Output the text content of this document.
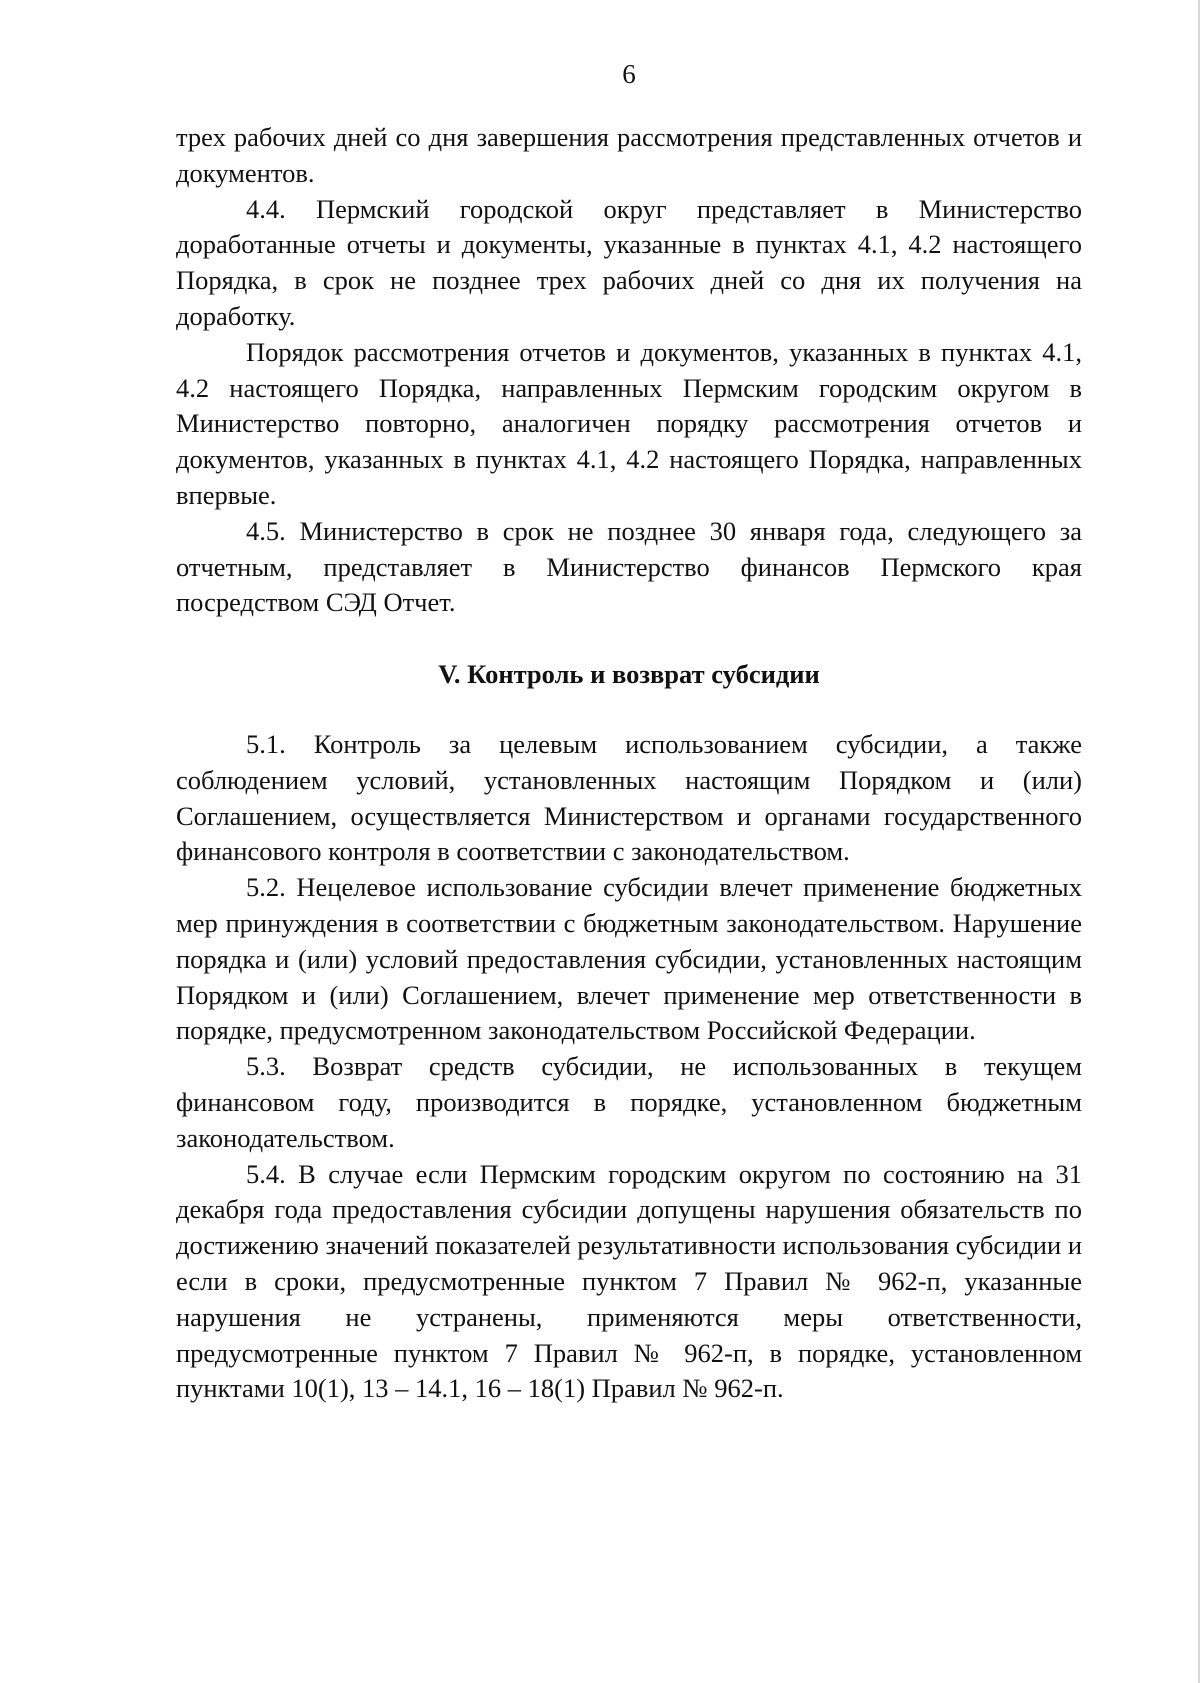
6

трех рабочих дней со дня завершения рассмотрения представленных отчетов и документов.

4.4. Пермский городской округ представляет в Министерство доработанные отчеты и документы, указанные в пунктах 4.1, 4.2 настоящего Порядка, в срок не позднее трех рабочих дней со дня их получения на доработку.

Порядок рассмотрения отчетов и документов, указанных в пунктах 4.1, 4.2 настоящего Порядка, направленных Пермским городским округом в Министерство повторно, аналогичен порядку рассмотрения отчетов и документов, указанных в пунктах 4.1, 4.2 настоящего Порядка, направленных впервые.

4.5. Министерство в срок не позднее 30 января года, следующего за отчетным, представляет в Министерство финансов Пермского края посредством СЭД Отчет.

V. Контроль и возврат субсидии

5.1. Контроль за целевым использованием субсидии, а также соблюдением условий, установленных настоящим Порядком и (или) Соглашением, осуществляется Министерством и органами государственного финансового контроля в соответствии с законодательством.

5.2. Нецелевое использование субсидии влечет применение бюджетных мер принуждения в соответствии с бюджетным законодательством. Нарушение порядка и (или) условий предоставления субсидии, установленных настоящим Порядком и (или) Соглашением, влечет применение мер ответственности в порядке, предусмотренном законодательством Российской Федерации.

5.3. Возврат средств субсидии, не использованных в текущем финансовом году, производится в порядке, установленном бюджетным законодательством.

5.4. В случае если Пермским городским округом по состоянию на 31 декабря года предоставления субсидии допущены нарушения обязательств по достижению значений показателей результативности использования субсидии и если в сроки, предусмотренные пунктом 7 Правил № 962-п, указанные нарушения не устранены, применяются меры ответственности, предусмотренные пунктом 7 Правил № 962-п, в порядке, установленном пунктами 10(1), 13 – 14.1, 16 – 18(1) Правил № 962-п.
